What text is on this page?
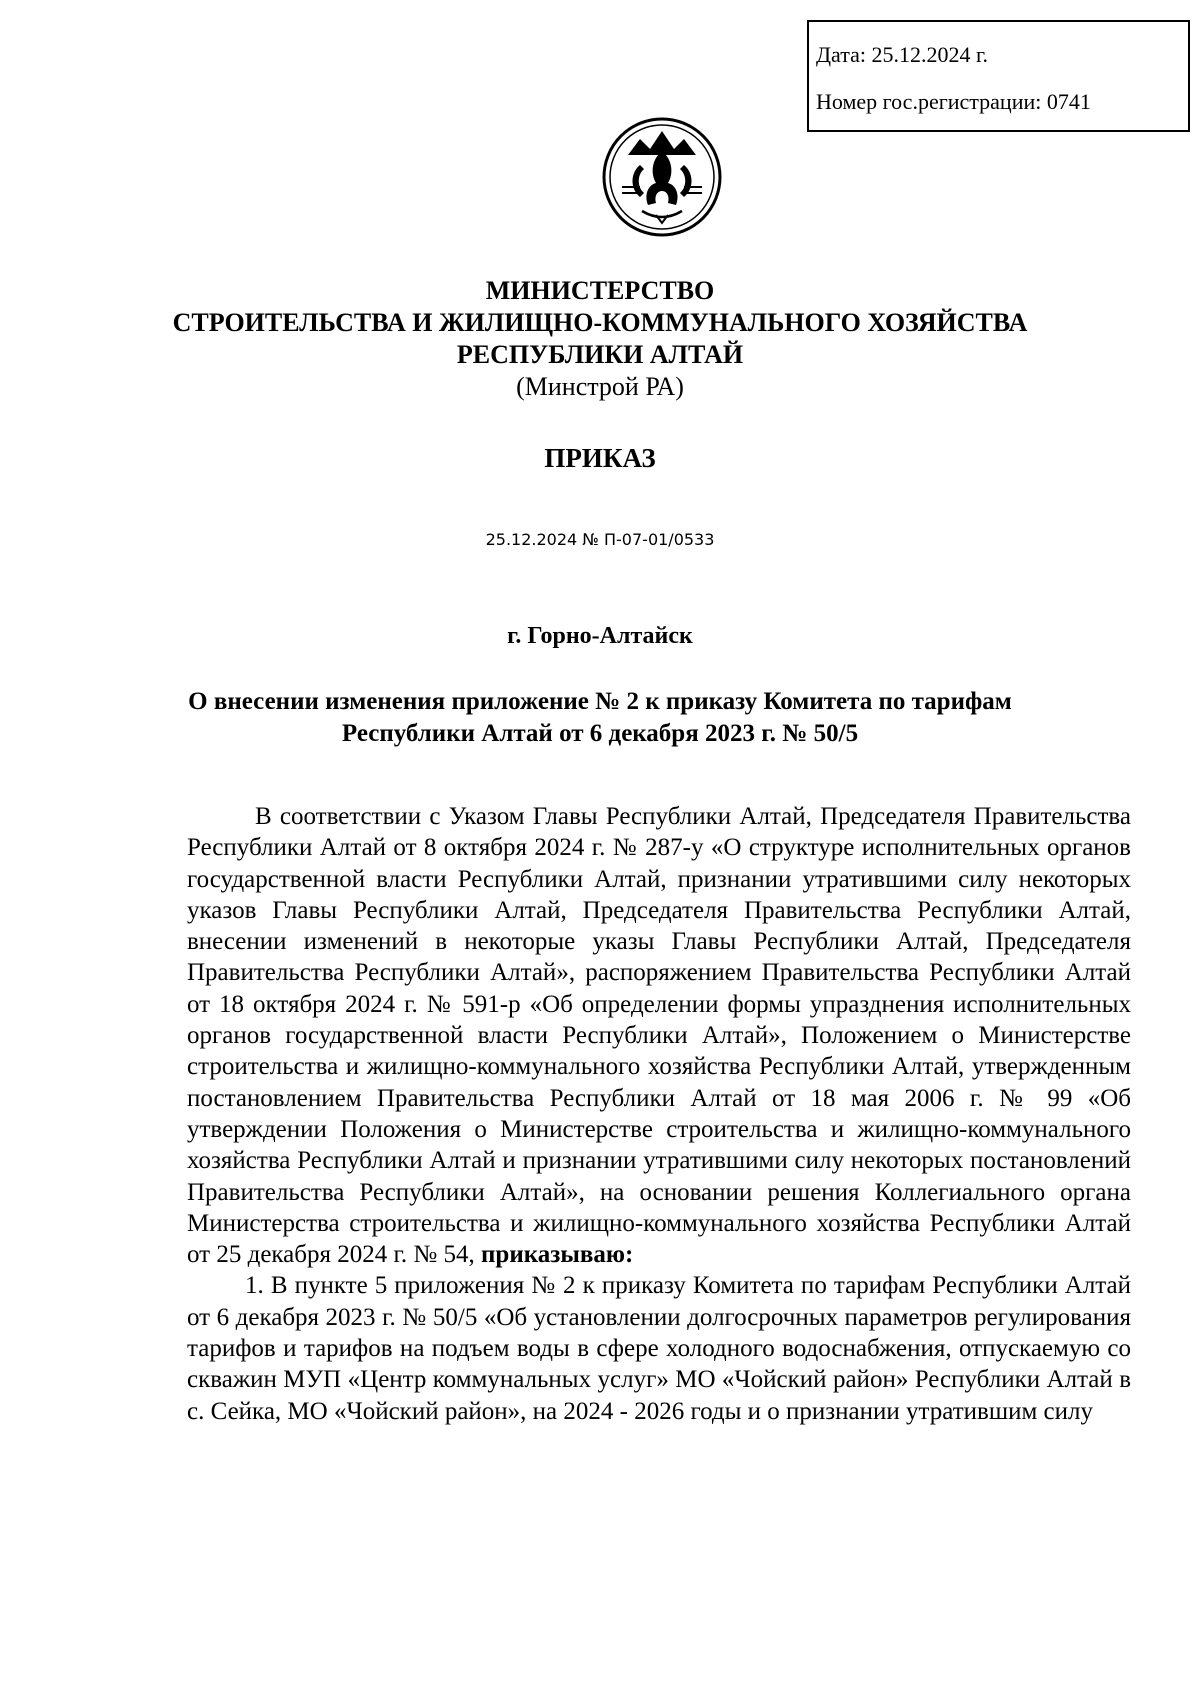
Дата: 25.12.2024 г.
Номер гос.регистрации: 0741
МИНИСТЕРСТВО
СТРОИТЕЛЬСТВА И ЖИЛИЩНО-КОММУНАЛЬНОГО ХОЗЯЙСТВА
РЕСПУБЛИКИ АЛТАЙ
(Минстрой РА)
ПРИКАЗ
25.12.2024 № П-07-01/0533
г. Горно-Алтайск
О внесении изменения приложение № 2 к приказу Комитета по тарифам
Республики Алтай от 6 декабря 2023 г. № 50/5

В соответствии с Указом Главы Республики Алтай, Председателя Правительства Республики Алтай от 8 октября 2024 г. № 287-у «О структуре исполнительных органов государственной власти Республики Алтай, признании утратившими силу некоторых указов Главы Республики Алтай, Председателя Правительства Республики Алтай, внесении изменений в некоторые указы Главы Республики Алтай, Председателя Правительства Республики Алтай», распоряжением Правительства Республики Алтай от 18 октября 2024 г. № 591-р «Об определении формы упразднения исполнительных органов государственной власти Республики Алтай», Положением о Министерстве строительства и жилищно-коммунального хозяйства Республики Алтай, утвержденным постановлением Правительства Республики Алтай от 18 мая 2006 г. № 99 «Об утверждении Положения о Министерстве строительства и жилищно-коммунального хозяйства Республики Алтай и признании утратившими силу некоторых постановлений Правительства Республики Алтай», на основании решения Коллегиального органа Министерства строительства и жилищно-коммунального хозяйства Республики Алтай от 25 декабря 2024 г. № 54, приказываю:

1. В пункте 5 приложения № 2 к приказу Комитета по тарифам Республики Алтай от 6 декабря 2023 г. № 50/5 «Об установлении долгосрочных параметров регулирования тарифов и тарифов на подъем воды в сфере холодного водоснабжения, отпускаемую со скважин МУП «Центр коммунальных услуг» МО «Чойский район» Республики Алтай в с. Сейка, МО «Чойский район», на 2024 - 2026 годы и о признании утратившим силу
